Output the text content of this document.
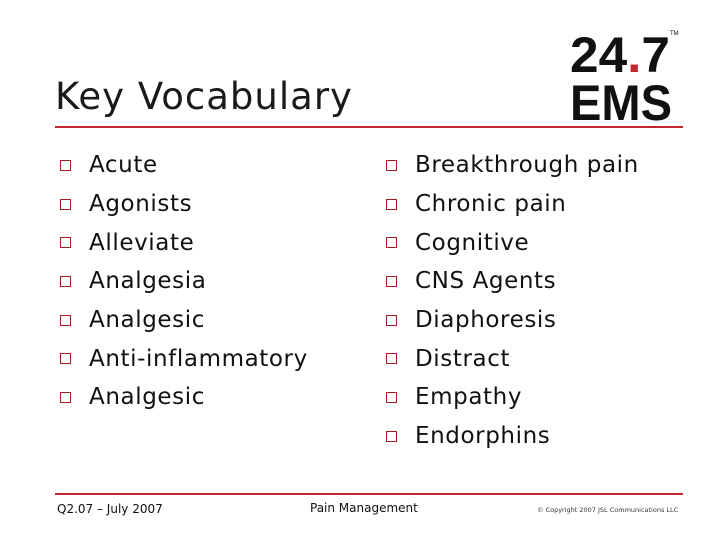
Key Vocabulary
TM
24.7
EMS
Acute
Agonists
Alleviate
Analgesia
Analgesic
Anti-inflammatory
Analgesic
Breakthrough pain
Chronic pain
Cognitive
CNS Agents
Diaphoresis
Distract
Empathy
Endorphins
Q2.07 – July 2007	Pain Management	© Copyright 2007 JSL Communications LLC
